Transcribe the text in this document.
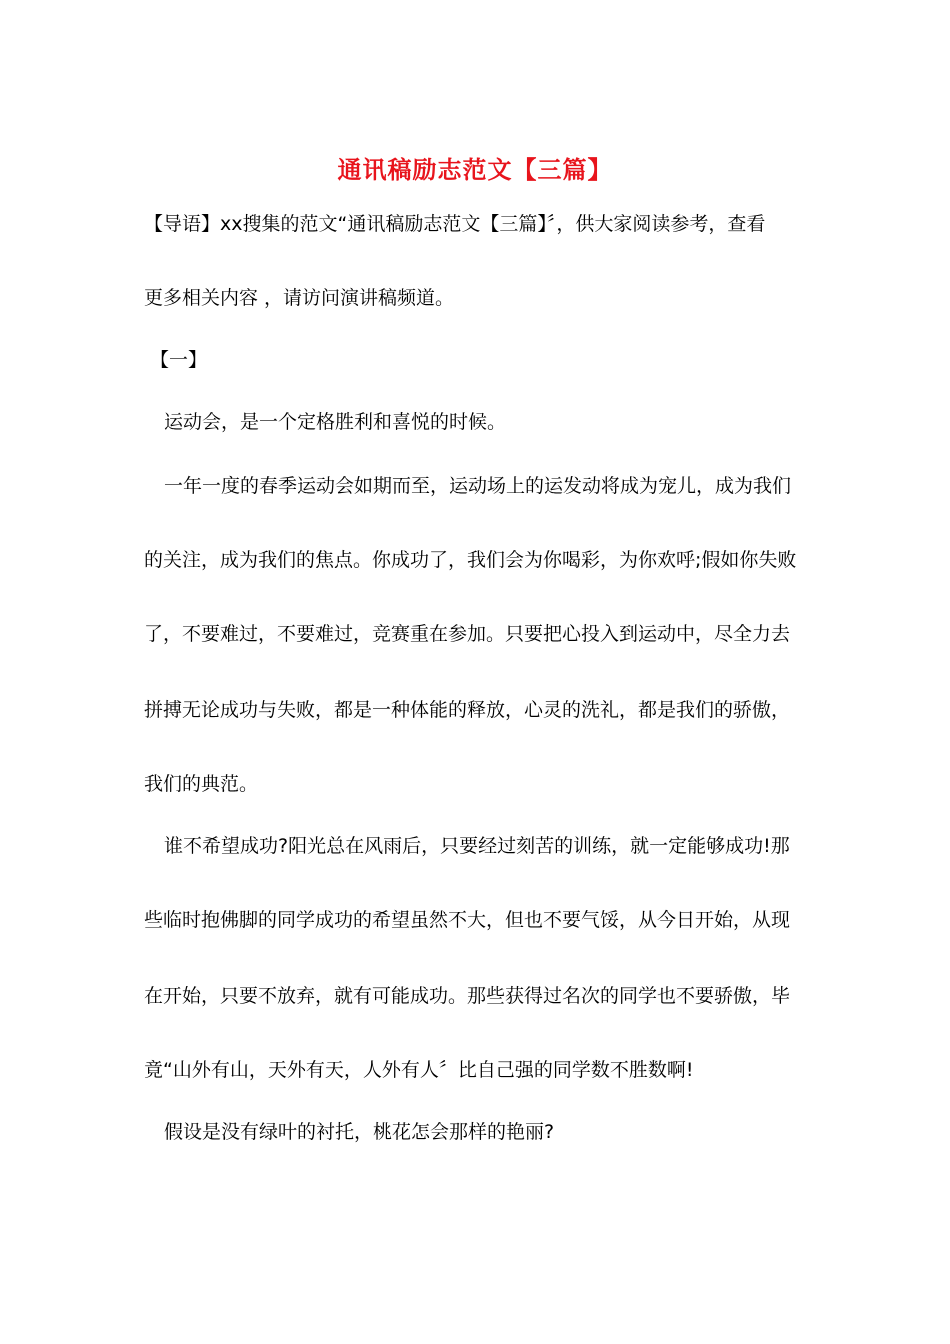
通讯稿励志范文【三篇】
【导语】xx搜集的范文“通讯稿励志范文【三篇】〞，供大家阅读参考，查看
更多相关内容 ，请访问演讲稿频道。
【一】
运动会，是一个定格胜利和喜悦的时候。
一年一度的春季运动会如期而至，运动场上的运发动将成为宠儿，成为我们
的关注，成为我们的焦点。你成功了，我们会为你喝彩，为你欢呼;假如你失败
了，不要难过，不要难过，竞赛重在参加。只要把心投入到运动中，尽全力去
拼搏无论成功与失败，都是一种体能的释放，心灵的洗礼，都是我们的骄傲，
我们的典范。
谁不希望成功?阳光总在风雨后，只要经过刻苦的训练，就一定能够成功!那
些临时抱佛脚的同学成功的希望虽然不大，但也不要气馁，从今日开始，从现
在开始，只要不放弃，就有可能成功。那些获得过名次的同学也不要骄傲，毕
竟“山外有山，天外有天，人外有人〞比自己强的同学数不胜数啊!
假设是没有绿叶的衬托，桃花怎会那样的艳丽?
